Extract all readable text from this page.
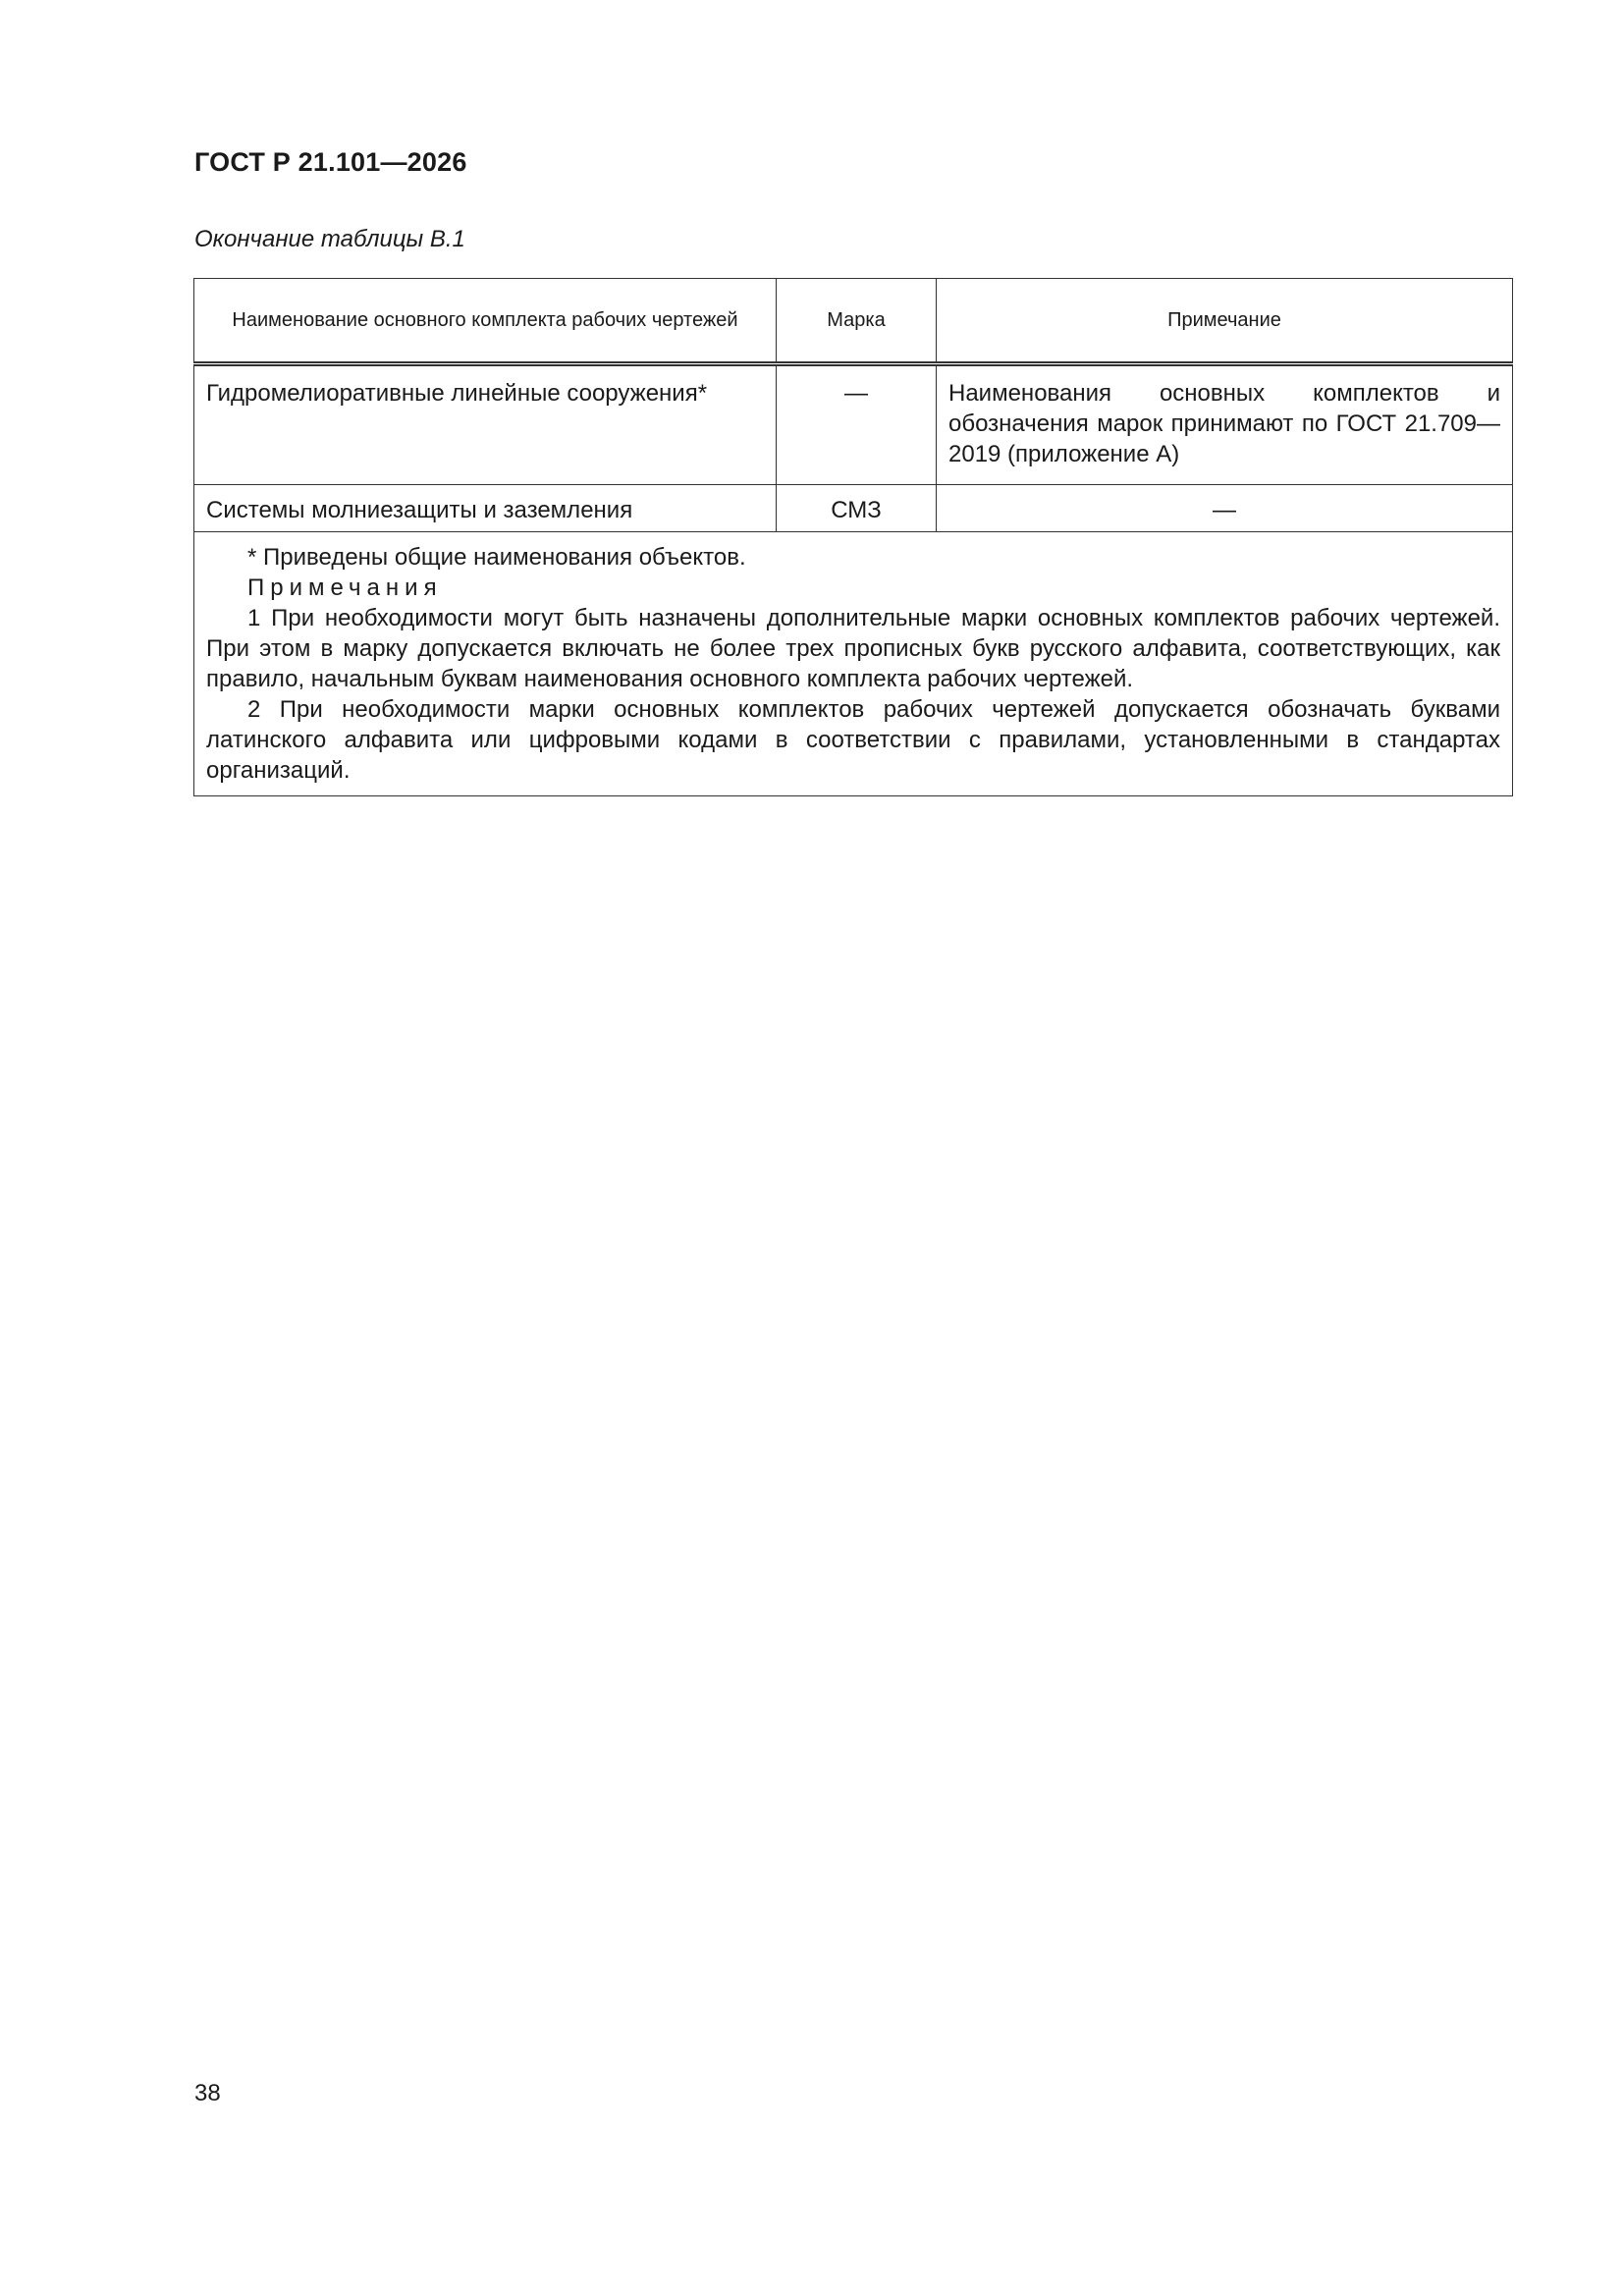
ГОСТ Р 21.101—2026
Окончание таблицы В.1
Наименование основного комплекта рабочих чертежей	Марка	Примечание
Гидромелиоративные линейные сооружения*	—	Наименования основных комплектов и обозначения марок принимают по ГОСТ 21.709—2019 (приложение А)
Системы молниезащиты и заземления	СМЗ	—

* Приведены общие наименования объектов.

Примечания

1 При необходимости могут быть назначены дополнительные марки основных комплектов рабочих чертежей. При этом в марку допускается включать не более трех прописных букв русского алфавита, соответствующих, как правило, начальным буквам наименования основного комплекта рабочих чертежей.

2 При необходимости марки основных комплектов рабочих чертежей допускается обозначать буквами латинского алфавита или цифровыми кодами в соответствии с правилами, установленными в стандартах организаций.		

38
